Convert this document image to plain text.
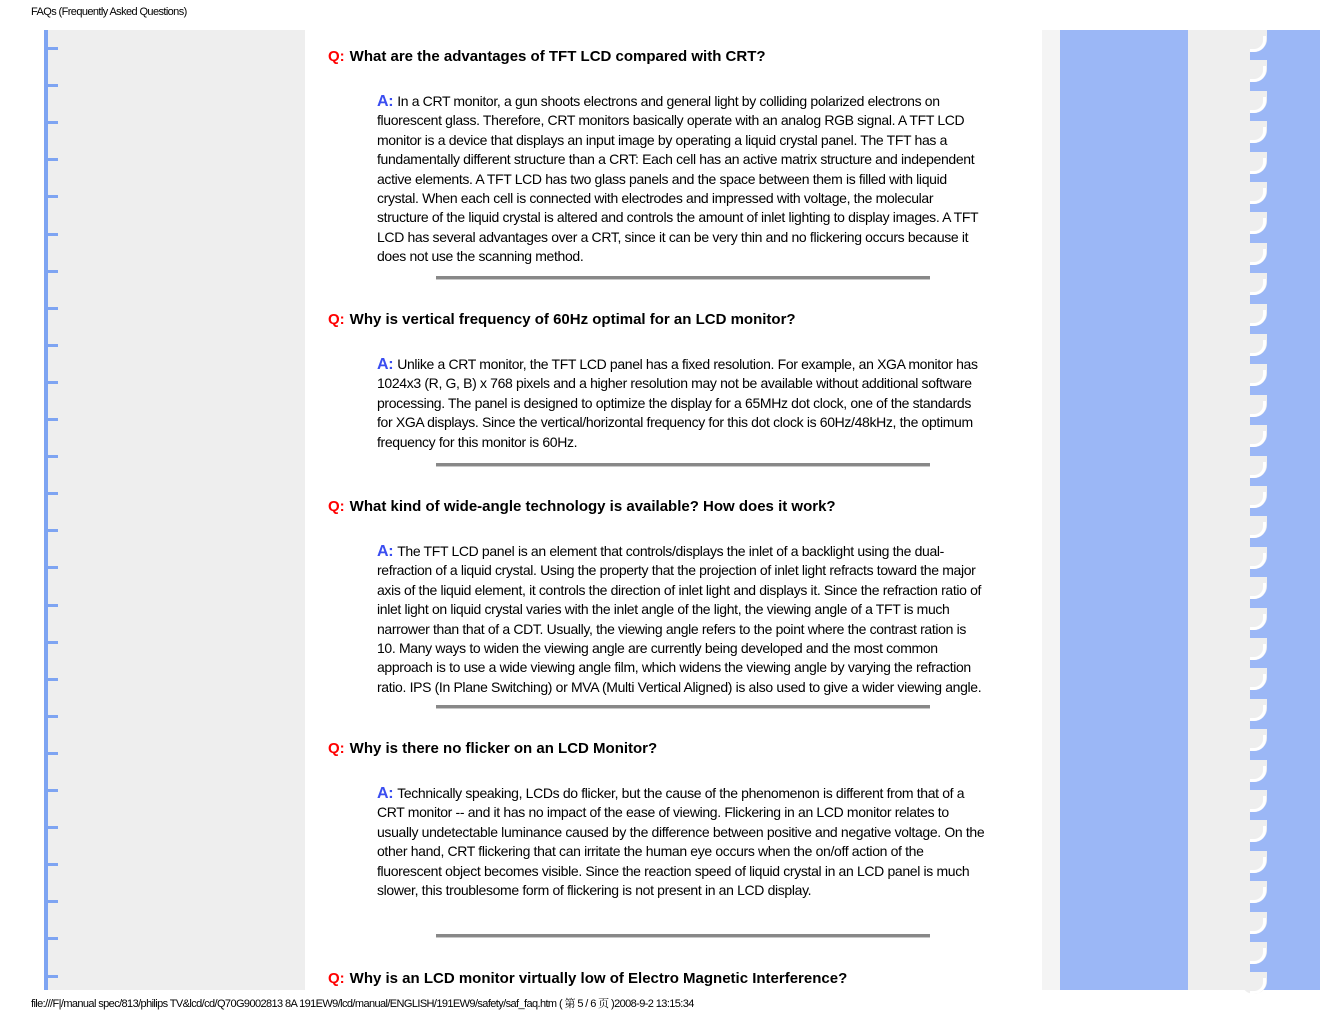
FAQs (Frequently Asked Questions)
Q: What are the advantages of TFT LCD compared with CRT?
A: In a CRT monitor, a gun shoots electrons and general light by colliding polarized electrons on fluorescent glass. Therefore, CRT monitors basically operate with an analog RGB signal. A TFT LCD monitor is a device that displays an input image by operating a liquid crystal panel. The TFT has a fundamentally different structure than a CRT: Each cell has an active matrix structure and independent active elements. A TFT LCD has two glass panels and the space between them is filled with liquid crystal. When each cell is connected with electrodes and impressed with voltage, the molecular structure of the liquid crystal is altered and controls the amount of inlet lighting to display images. A TFT LCD has several advantages over a CRT, since it can be very thin and no flickering occurs because it does not use the scanning method.
Q: Why is vertical frequency of 60Hz optimal for an LCD monitor?
A: Unlike a CRT monitor, the TFT LCD panel has a fixed resolution. For example, an XGA monitor has 1024x3 (R, G, B) x 768 pixels and a higher resolution may not be available without additional software processing. The panel is designed to optimize the display for a 65MHz dot clock, one of the standards for XGA displays. Since the vertical/horizontal frequency for this dot clock is 60Hz/48kHz, the optimum frequency for this monitor is 60Hz.
Q: What kind of wide-angle technology is available? How does it work?
A: The TFT LCD panel is an element that controls/displays the inlet of a backlight using the dual-refraction of a liquid crystal. Using the property that the projection of inlet light refracts toward the major axis of the liquid element, it controls the direction of inlet light and displays it. Since the refraction ratio of inlet light on liquid crystal varies with the inlet angle of the light, the viewing angle of a TFT is much narrower than that of a CDT. Usually, the viewing angle refers to the point where the contrast ration is 10. Many ways to widen the viewing angle are currently being developed and the most common approach is to use a wide viewing angle film, which widens the viewing angle by varying the refraction ratio. IPS (In Plane Switching) or MVA (Multi Vertical Aligned) is also used to give a wider viewing angle.
Q: Why is there no flicker on an LCD Monitor?
A: Technically speaking, LCDs do flicker, but the cause of the phenomenon is different from that of a CRT monitor -- and it has no impact of the ease of viewing. Flickering in an LCD monitor relates to usually undetectable luminance caused by the difference between positive and negative voltage. On the other hand, CRT flickering that can irritate the human eye occurs when the on/off action of the fluorescent object becomes visible. Since the reaction speed of liquid crystal in an LCD panel is much slower, this troublesome form of flickering is not present in an LCD display.
Q: Why is an LCD monitor virtually low of Electro Magnetic Interference?
file:///F|/manual spec/813/philips TV&lcd/cd/Q70G9002813 8A 191EW9/lcd/manual/ENGLISH/191EW9/safety/saf_faq.htm ( 第 5 / 6 页 )2008-9-2 13:15:34
